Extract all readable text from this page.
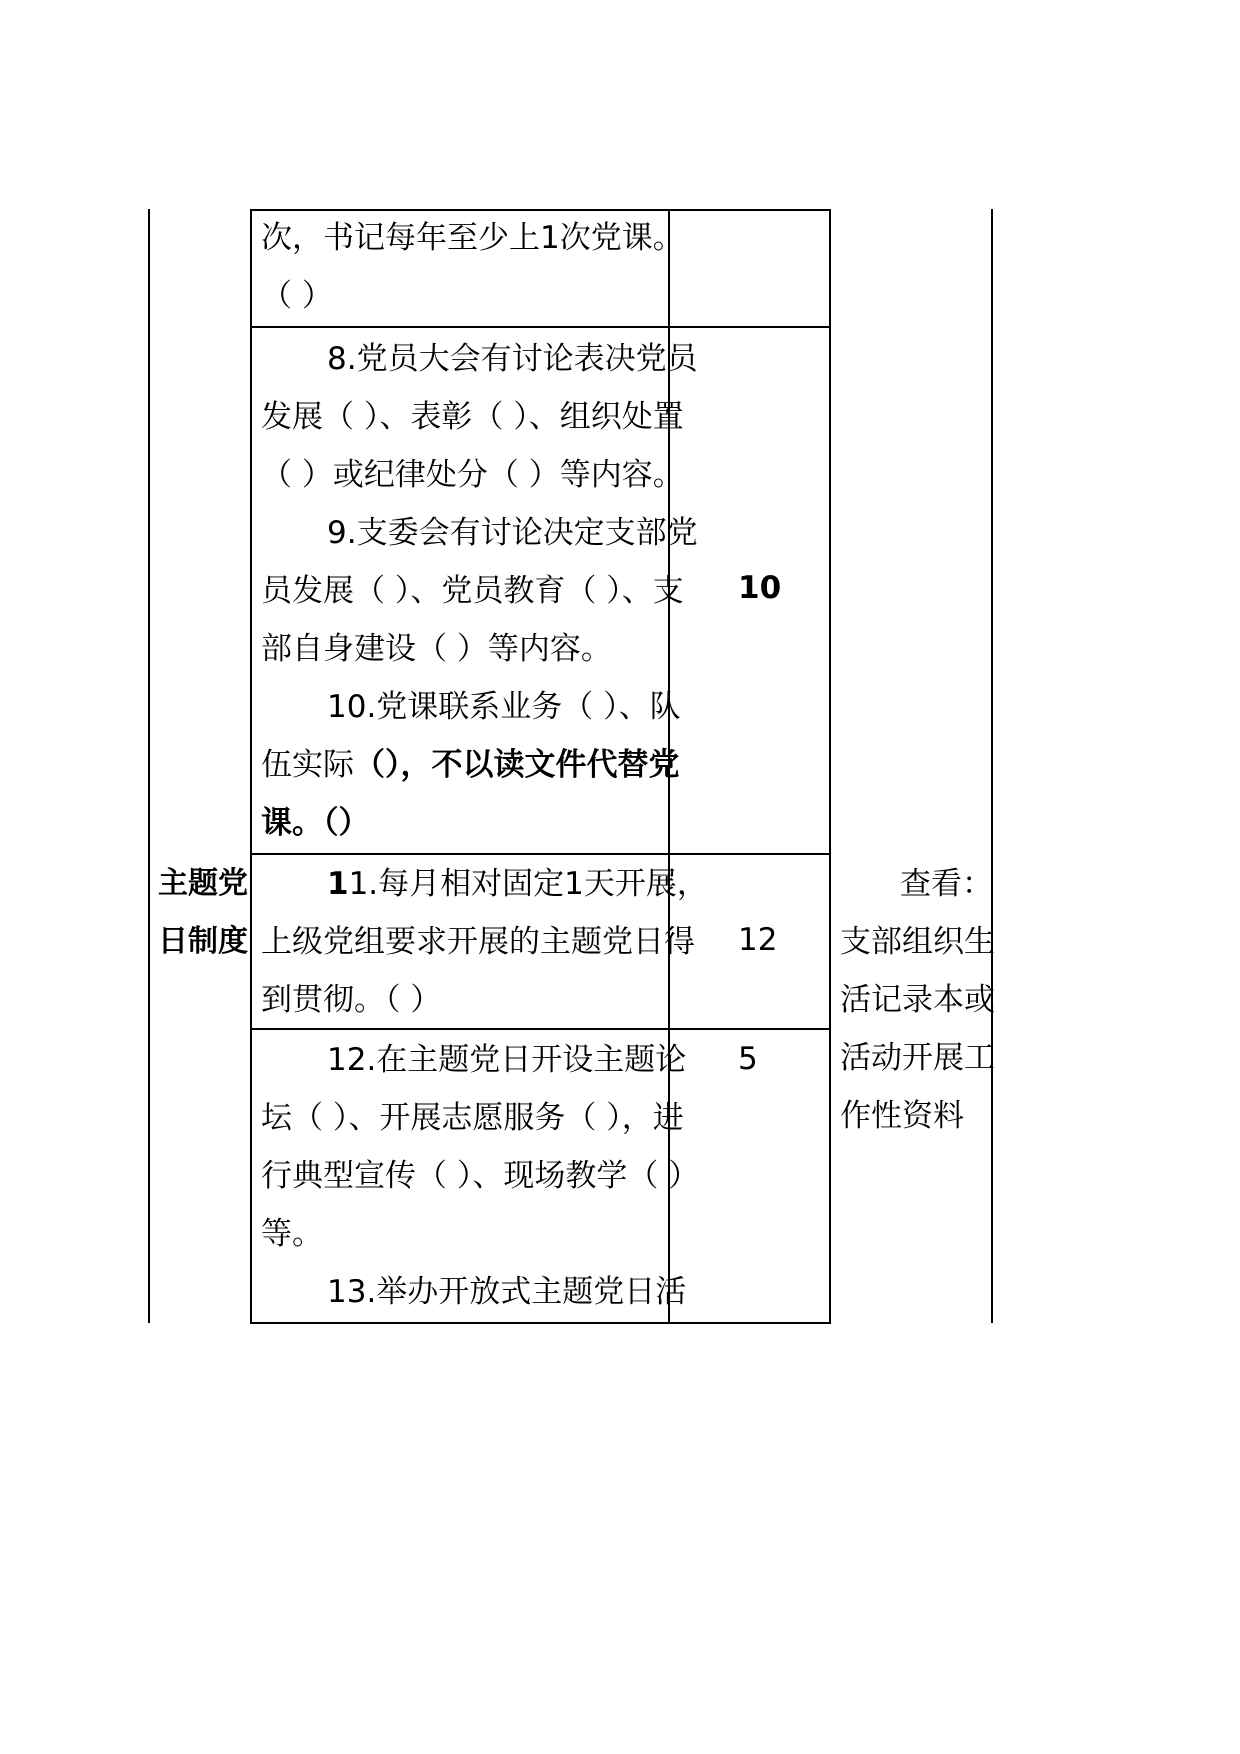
主题党
日制度
次，书记每年至少上1次党课。
（ ）
8.党员大会有讨论表决党员
发展（ ）、表彰（ ）、组织处置
（ ）或纪律处分（ ）等内容。
9.支委会有讨论决定支部党
员发展（ ）、党员教育（ ）、支
部自身建设（ ）等内容。
10.党课联系业务（ ）、队
伍实际（），不以读文件代替党
课。（）
10
11.每月相对固定1天开展，
上级党组要求开展的主题党日得
到贯彻。（ ）
12
12.在主题党日开设主题论
坛（ ）、开展志愿服务（ ），进
行典型宣传（ ）、现场教学（ ）
等。
13.举办开放式主题党日活
5
查看：
支部组织生
活记录本或
活动开展工
作性资料
